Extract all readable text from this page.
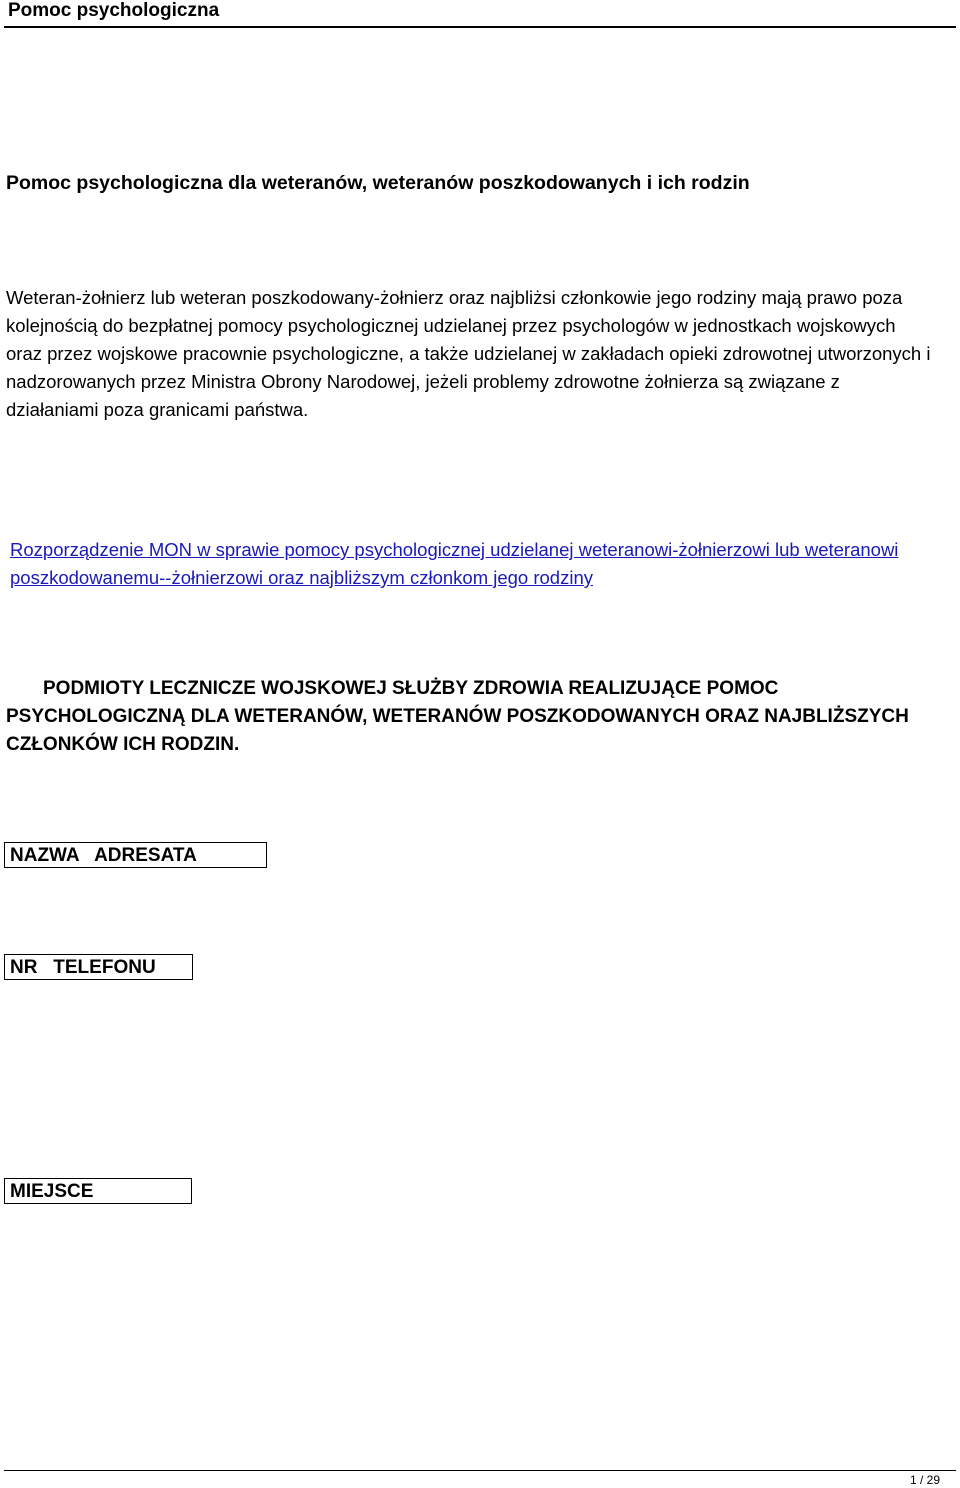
Pomoc psychologiczna
Pomoc psychologiczna dla weteranów, weteranów poszkodowanych i ich rodzin

Weteran-żołnierz lub weteran poszkodowany-żołnierz oraz najbliżsi członkowie jego rodziny mają prawo poza kolejnością do bezpłatnej pomocy psychologicznej udzielanej przez psychologów w jednostkach wojskowych oraz przez wojskowe pracownie psychologiczne, a także udzielanej w zakładach opieki zdrowotnej utworzonych i nadzorowanych przez Ministra Obrony Narodowej, jeżeli problemy zdrowotne żołnierza są związane z działaniami poza granicami państwa.

Rozporządzenie MON w sprawie pomocy psychologicznej udzielanej weteranowi-żołnierzowi lub weteranowi poszkodowanemu--żołnierzowi oraz najbliższym członkom jego rodziny

PODMIOTY LECZNICZE WOJSKOWEJ SŁUŻBY ZDROWIA REALIZUJĄCE POMOC PSYCHOLOGICZNĄ DLA WETERANÓW, WETERANÓW POSZKODOWANYCH ORAZ NAJBLIŻSZYCH CZŁONKÓW ICH RODZIN.

NAZWA   ADRESATA
NR   TELEFONU
MIEJSCE
1 / 29
